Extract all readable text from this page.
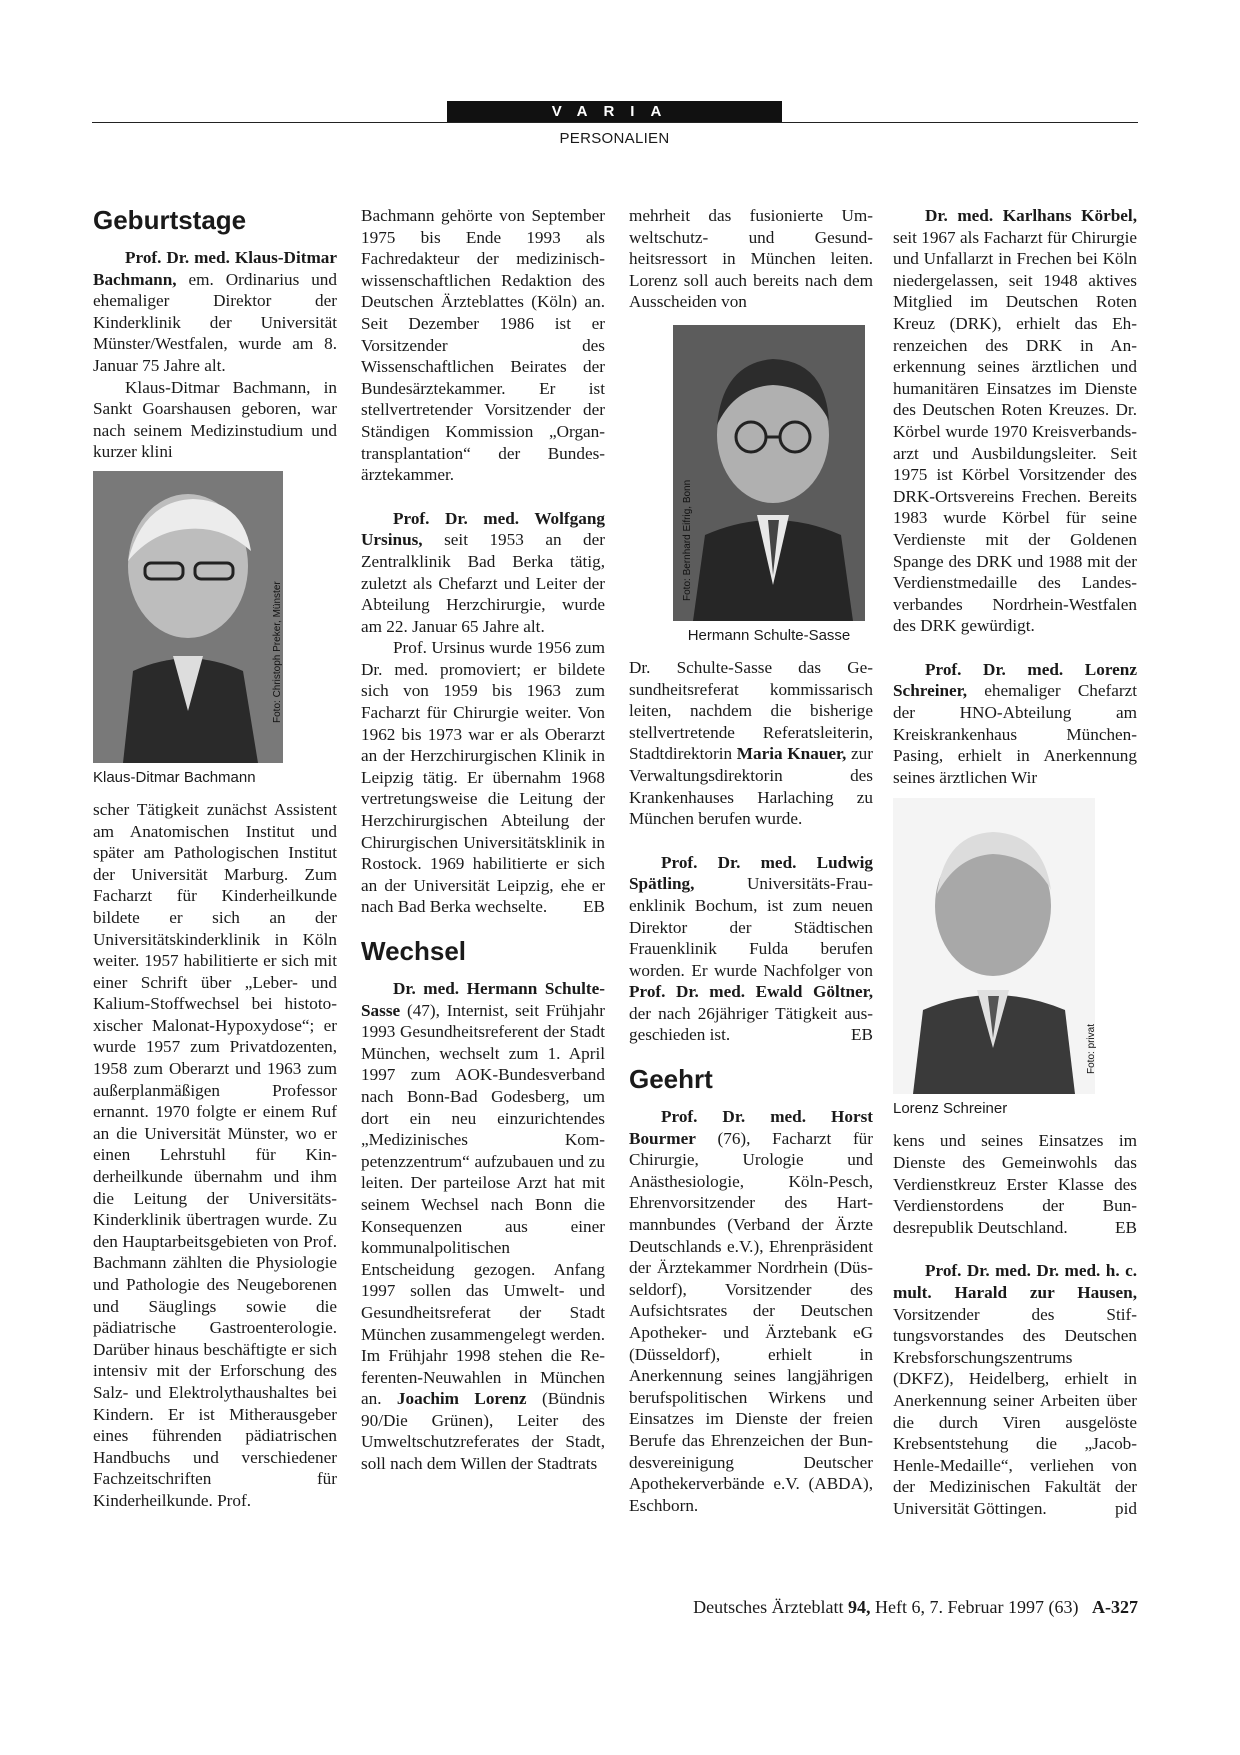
VARIA
PERSONALIEN
Geburtstage

Prof. Dr. med. Klaus-Ditmar Bachmann, em. Ordinarius und ehemaliger Direktor der Kinderklinik der Universität Münster/Westfalen, wurde am 8. Januar 75 Jahre alt.

Klaus-Ditmar Bachmann, in Sankt Goarshausen geboren, war nach seinem Medizinstudium und kurzer klini

Foto: Christoph Preker, Münster
Klaus-Ditmar Bachmann

scher Tätigkeit zunächst Assistent am Anatomischen Institut und später am Pathologischen Institut der Universität Marburg. Zum Facharzt für Kinderheilkunde bildete er sich an der Universitätskinderklinik in Köln weiter. 1957 habilitierte er sich mit einer Schrift über „Leber- und Kalium-Stoffwechsel bei histotoxischer Malonat-Hypoxydose“; er wurde 1957 zum Privatdozenten, 1958 zum Oberarzt und 1963 zum außerplanmäßigen Professor ernannt. 1970 folgte er einem Ruf an die Universität Münster, wo er einen Lehrstuhl für Kinderheilkunde übernahm und ihm die Leitung der Universitäts-Kinderklinik übertragen wurde. Zu den Hauptarbeitsgebieten von Prof. Bachmann zählten die Physiologie und Pathologie des Neugeborenen und Säuglings sowie die pädiatrische Gastroenterologie. Darüber hinaus beschäftigte er sich intensiv mit der Erforschung des Salz- und Elektrolythaushaltes bei Kindern. Er ist Mitherausgeber eines führenden pädiatrischen Handbuchs und verschiedener Fachzeitschriften für Kinderheilkunde. Prof.

Bachmann gehörte von September 1975 bis Ende 1993 als Fachredakteur der medizinisch-wissenschaftlichen Redaktion des Deutschen Ärzteblattes (Köln) an. Seit Dezember 1986 ist er Vorsitzender des Wissenschaftlichen Beirates der Bundesärztekammer. Er ist stellvertretender Vorsitzender der Ständigen Kommission „Organtransplantation“ der Bundesärztekammer.

Prof. Dr. med. Wolfgang Ursinus, seit 1953 an der Zentralklinik Bad Berka tätig, zuletzt als Chefarzt und Leiter der Abteilung Herzchirurgie, wurde am 22. Januar 65 Jahre alt.

Prof. Ursinus wurde 1956 zum Dr. med. promoviert; er bildete sich von 1959 bis 1963 zum Facharzt für Chirurgie weiter. Von 1962 bis 1973 war er als Oberarzt an der Herzchirurgischen Klinik in Leipzig tätig. Er übernahm 1968 vertretungsweise die Leitung der Herzchirurgischen Abteilung der Chirurgischen Universitätsklinik in Rostock. 1969 habilitierte er sich an der Universität Leipzig, ehe er nach Bad Berka wechselte.	EB

Wechsel

Dr. med. Hermann Schulte-Sasse (47), Internist, seit Frühjahr 1993 Gesundheitsreferent der Stadt München, wechselt zum 1. April 1997 zum AOK-Bundesverband nach Bonn-Bad Godesberg, um dort ein neu einzurichtendes „Medizinisches Kompetenzzentrum“ aufzubauen und zu leiten. Der parteilose Arzt hat mit seinem Wechsel nach Bonn die Konsequenzen aus einer kommunalpolitischen Entscheidung gezogen. Anfang 1997 sollen das Umwelt- und Gesundheitsreferat der Stadt München zusammengelegt werden. Im Frühjahr 1998 stehen die Referenten-Neuwahlen in München an. Joachim Lorenz (Bündnis 90/Die Grünen), Leiter des Umweltschutzreferates der Stadt, soll nach dem Willen der Stadtrats

mehrheit das fusionierte Umweltschutz- und Gesundheitsressort in München leiten. Lorenz soll auch bereits nach dem Ausscheiden von

Foto: Bernhard Eifrig, Bonn
Hermann Schulte-Sasse

Dr. Schulte-Sasse das Gesundheitsreferat kommissarisch leiten, nachdem die bisherige stellvertretende Referatsleiterin, Stadtdirektorin Maria Knauer, zur Verwaltungsdirektorin des Krankenhauses Harlaching zu München berufen wurde.

Prof. Dr. med. Ludwig Spätling, Universitäts-Frauenklinik Bochum, ist zum neuen Direktor der Städtischen Frauenklinik Fulda berufen worden. Er wurde Nachfolger von Prof. Dr. med. Ewald Göltner, der nach 26jähriger Tätigkeit ausgeschieden ist.	EB

Geehrt

Prof. Dr. med. Horst Bourmer (76), Facharzt für Chirurgie, Urologie und Anästhesiologie, Köln-Pesch, Ehrenvorsitzender des Hartmannbundes (Verband der Ärzte Deutschlands e.V.), Ehrenpräsident der Ärztekammer Nordrhein (Düsseldorf), Vorsitzender des Aufsichtsrates der Deutschen Apotheker- und Ärztebank eG (Düsseldorf), erhielt in Anerkennung seines langjährigen berufspolitischen Wirkens und Einsatzes im Dienste der freien Berufe das Ehrenzeichen der Bundesvereinigung Deutscher Apothekerverbände e.V. (ABDA), Eschborn.

Dr. med. Karlhans Körbel, seit 1967 als Facharzt für Chirurgie und Unfallarzt in Frechen bei Köln niedergelassen, seit 1948 aktives Mitglied im Deutschen Roten Kreuz (DRK), erhielt das Ehrenzeichen des DRK in Anerkennung seines ärztlichen und humanitären Einsatzes im Dienste des Deutschen Roten Kreuzes. Dr. Körbel wurde 1970 Kreisverbandsarzt und Ausbildungsleiter. Seit 1975 ist Körbel Vorsitzender des DRK-Ortsvereins Frechen. Bereits 1983 wurde Körbel für seine Verdienste mit der Goldenen Spange des DRK und 1988 mit der Verdienstmedaille des Landesverbandes Nordrhein-Westfalen des DRK gewürdigt.

Prof. Dr. med. Lorenz Schreiner, ehemaliger Chefarzt der HNO-Abteilung am Kreiskrankenhaus München-Pasing, erhielt in Anerkennung seines ärztlichen Wir

Foto: privat
Lorenz Schreiner

kens und seines Einsatzes im Dienste des Gemeinwohls das Verdienstkreuz Erster Klasse des Verdienstordens der Bundesrepublik Deutschland.	EB

Prof. Dr. med. Dr. med. h. c. mult. Harald zur Hausen, Vorsitzender des Stiftungsvorstandes des Deutschen Krebsforschungszentrums (DKFZ), Heidelberg, erhielt in Anerkennung seiner Arbeiten über die durch Viren ausgelöste Krebsentstehung die „Jacob-Henle-Medaille“, verliehen von der Medizinischen Fakultät der Universität Göttingen.	pid

Deutsches Ärzteblatt 94, Heft 6, 7. Februar 1997 (63) A-327
